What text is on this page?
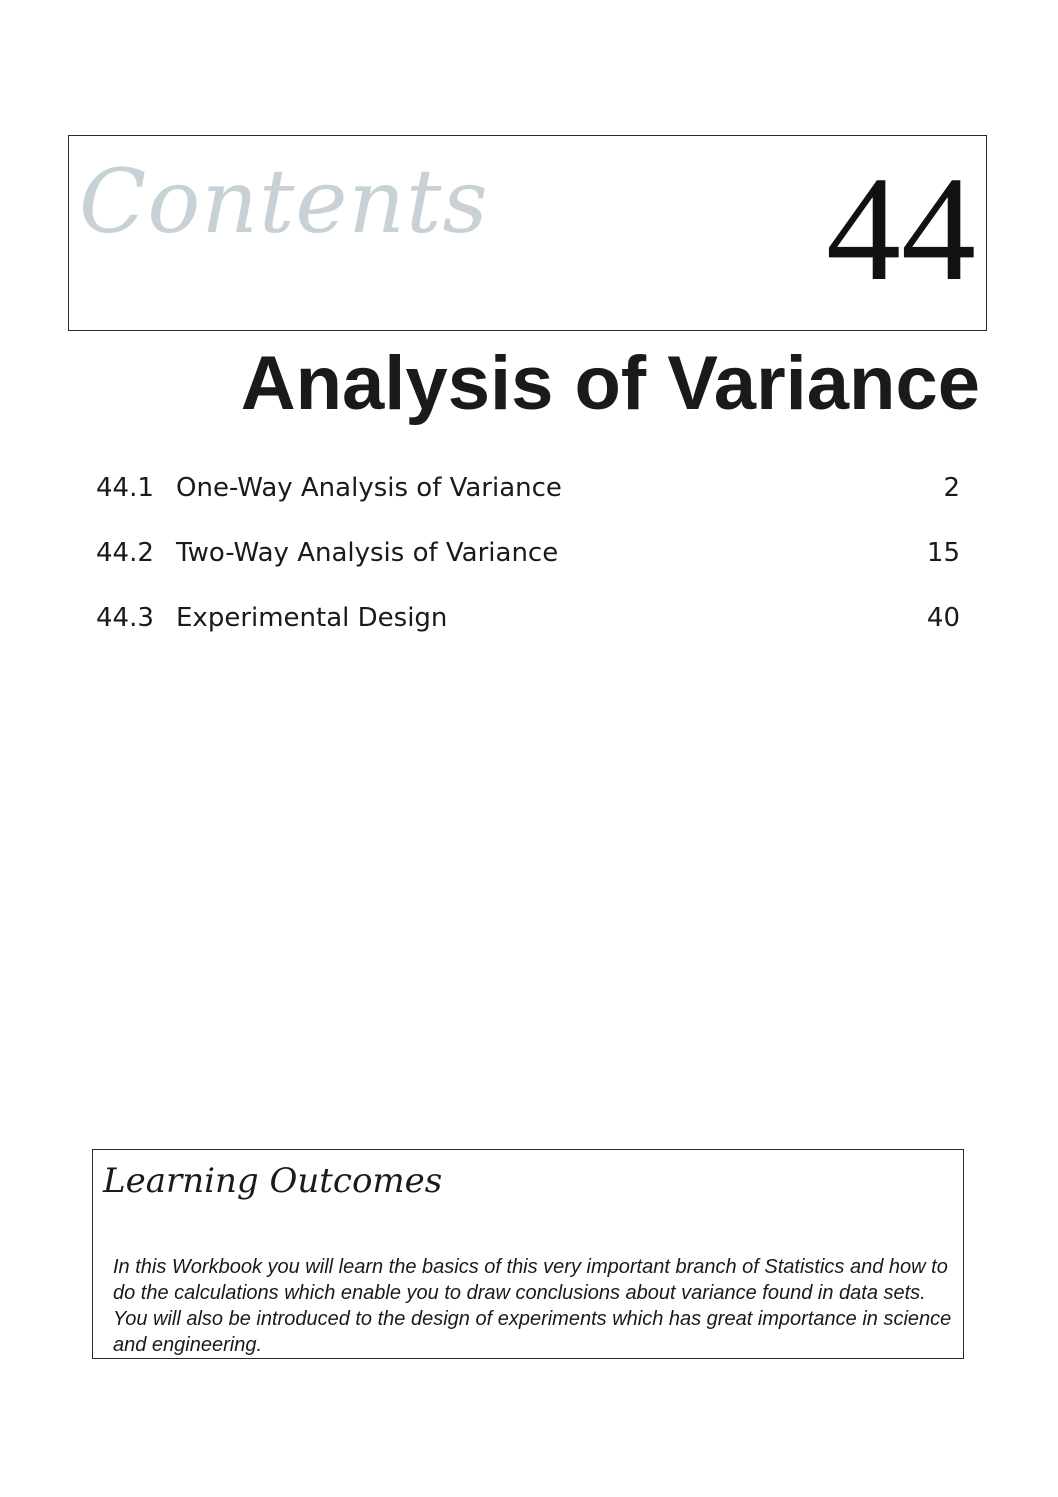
Contents 44
Analysis of Variance
44.1 One-Way Analysis of Variance	2
44.2 Two-Way Analysis of Variance	15
44.3 Experimental Design	40
Learning Outcomes

In this Workbook you will learn the basics of this very important branch of Statistics and how to do the calculations which enable you to draw conclusions about variance found in data sets. You will also be introduced to the design of experiments which has great importance in science and engineering.
